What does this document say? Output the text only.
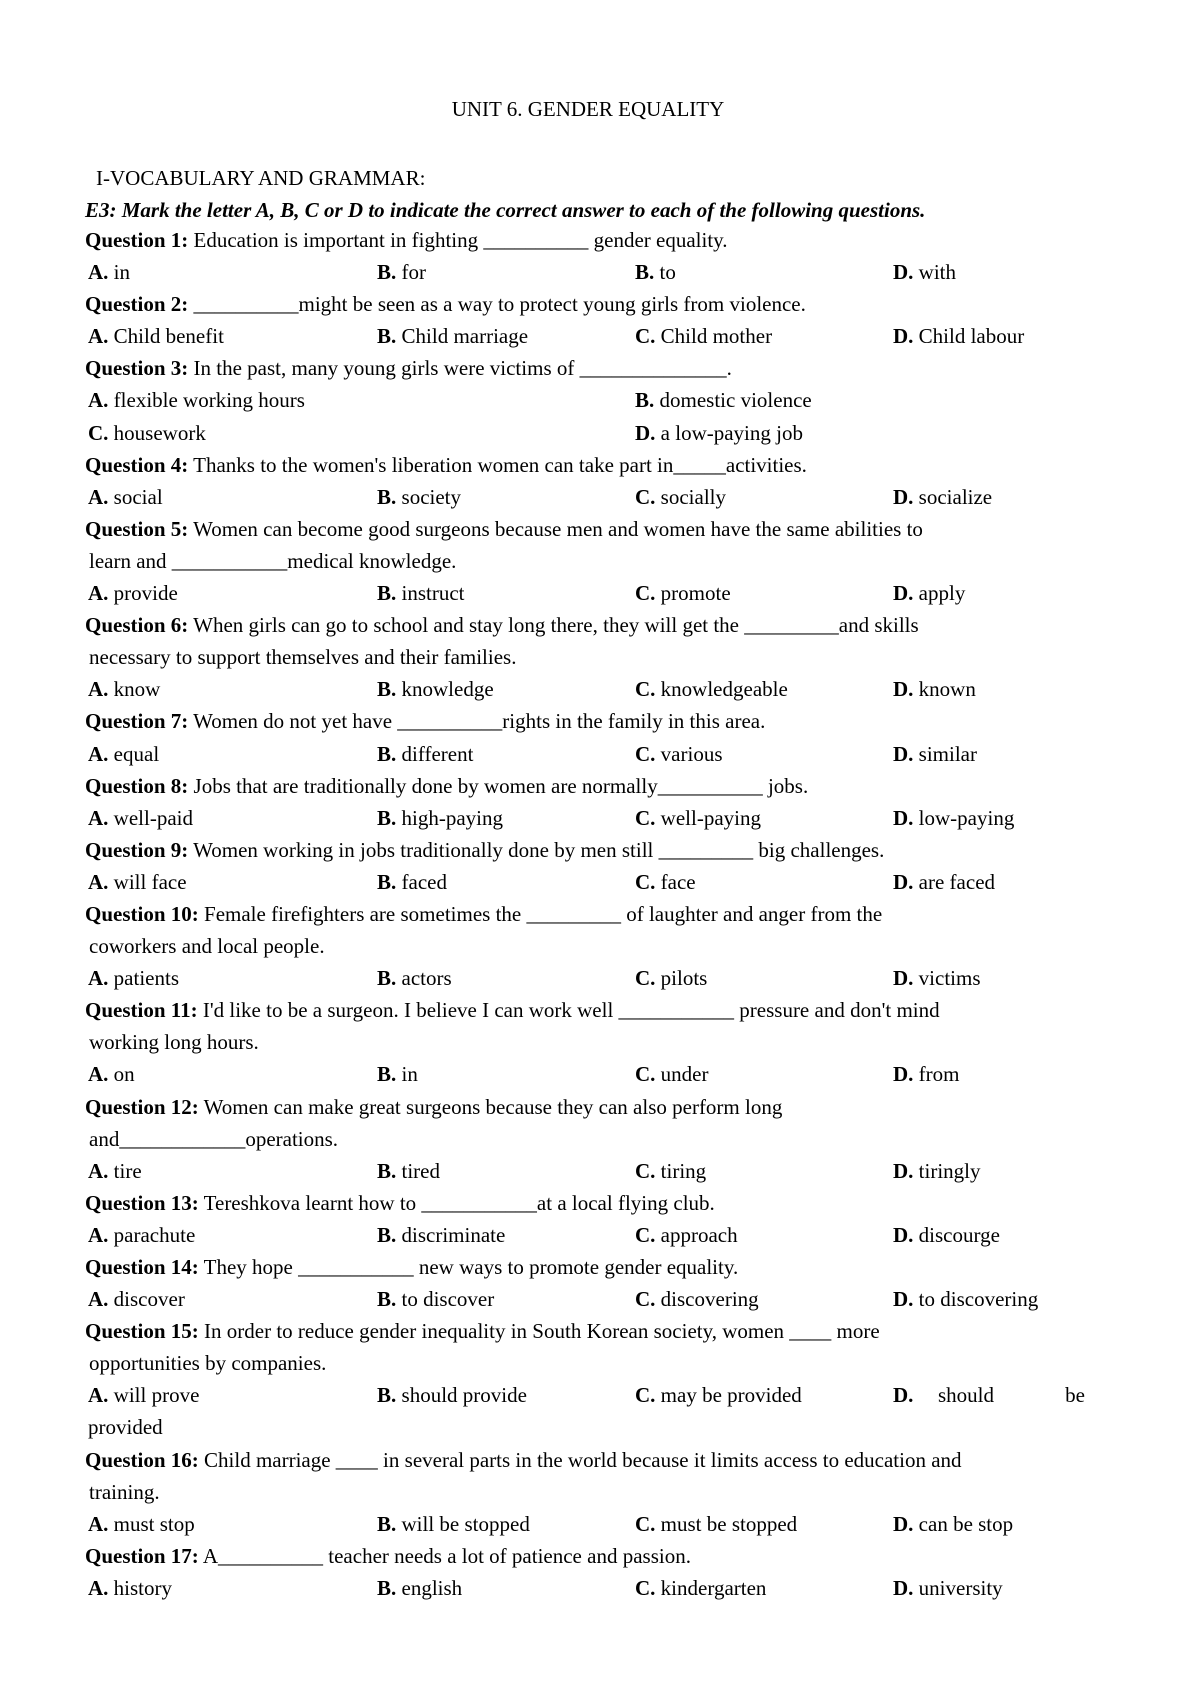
UNIT 6. GENDER EQUALITY
I-VOCABULARY AND GRAMMAR:
E3: Mark the letter A, B, C or D to indicate the correct answer to each of the following questions.
Question 1: Education is important in fighting __________ gender equality.
A. in	B. for	B. to	D. with
Question 2: __________might be seen as a way to protect young girls from violence.
A. Child benefit	B. Child marriage	C. Child mother	D. Child labour
Question 3: In the past, many young girls were victims of ______________.
A. flexible working hours	B. domestic violence
C. housework	D. a low-paying job
Question 4: Thanks to the women's liberation women can take part in_____activities.
A. social	B. society	C. socially	D. socialize
Question 5: Women can become good surgeons because men and women have the same abilities to
learn and ___________medical knowledge.
A. provide	B. instruct	C. promote	D. apply
Question 6: When girls can go to school and stay long there, they will get the _________and skills
necessary to support themselves and their families.
A. know	B. knowledge	C. knowledgeable	D. known
Question 7: Women do not yet have __________rights in the family in this area.
A. equal	B. different	C. various	D. similar
Question 8: Jobs that are traditionally done by women are normally__________ jobs.
A. well-paid	B. high-paying	C. well-paying	D. low-paying
Question 9: Women working in jobs traditionally done by men still _________ big challenges.
A. will face	B. faced	C. face	D. are faced
Question 10: Female firefighters are sometimes the _________ of laughter and anger from the
coworkers and local people.
A. patients	B. actors	C. pilots	D. victims
Question 11: I'd like to be a surgeon. I believe I can work well ___________ pressure and don't mind
working long hours.
A. on	B. in	C. under	D. from
Question 12: Women can make great surgeons because they can also perform long
and____________operations.
A. tire	B. tired	C. tiring	D. tiringly
Question 13: Tereshkova learnt how to ___________at a local flying club.
A. parachute	B. discriminate	C. approach	D. discourge
Question 14: They hope ___________ new ways to promote gender equality.
A. discover	B. to discover	C. discovering	D. to discovering
Question 15: In order to reduce gender inequality in South Korean society, women ____ more
opportunities by companies.
A. will prove	B. should provide	C. may be provided	D. should	be
provided
Question 16: Child marriage ____ in several parts in the world because it limits access to education and
training.
A. must stop	B. will be stopped	C. must be stopped	D. can be stop
Question 17: A__________ teacher needs a lot of patience and passion.
A. history	B. english	C. kindergarten	D. university
